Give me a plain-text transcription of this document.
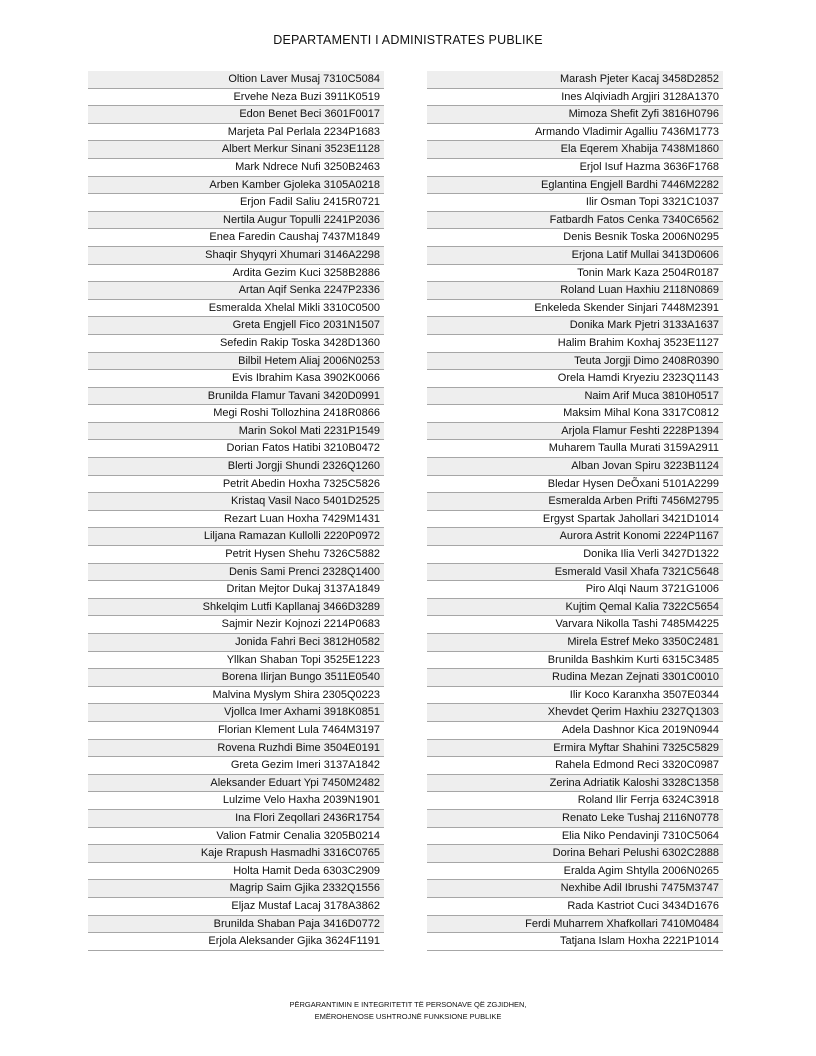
DEPARTAMENTI I ADMINISTRATES PUBLIKE
Oltion Laver Musaj 7310C5084
Ervehe Neza Buzi 3911K0519
Edon Benet Beci 3601F0017
Marjeta Pal Perlala 2234P1683
Albert Merkur Sinani 3523E1128
Mark Ndrece Nufi 3250B2463
Arben Kamber Gjoleka 3105A0218
Erjon Fadil Saliu 2415R0721
Nertila Augur Topulli 2241P2036
Enea Faredin Caushaj 7437M1849
Shaqir Shyqyri Xhumari 3146A2298
Ardita Gezim Kuci 3258B2886
Artan Aqif Senka 2247P2336
Esmeralda Xhelal Mikli 3310C0500
Greta Engjell Fico 2031N1507
Sefedin Rakip Toska 3428D1360
Bilbil Hetem Aliaj 2006N0253
Evis Ibrahim Kasa 3902K0066
Brunilda Flamur Tavani 3420D0991
Megi Roshi Tollozhina 2418R0866
Marin Sokol Mati 2231P1549
Dorian Fatos Hatibi 3210B0472
Blerti Jorgji Shundi 2326Q1260
Petrit Abedin Hoxha 7325C5826
Kristaq Vasil Naco 5401D2525
Rezart Luan Hoxha 7429M1431
Liljana Ramazan Kullolli 2220P0972
Petrit Hysen Shehu 7326C5882
Denis Sami Prenci 2328Q1400
Dritan Mejtor Dukaj 3137A1849
Shkelqim Lutfi Kapllanaj 3466D3289
Sajmir Nezir Kojnozi 2214P0683
Jonida Fahri Beci 3812H0582
Yllkan Shaban Topi 3525E1223
Borena Ilirjan Bungo 3511E0540
Malvina Myslym Shira 2305Q0223
Vjollca Imer Axhami 3918K0851
Florian Klement Lula 7464M3197
Rovena Ruzhdi Bime 3504E0191
Greta Gezim Imeri 3137A1842
Aleksander Eduart Ypi 7450M2482
Lulzime Velo Haxha 2039N1901
Ina Flori Zeqollari 2436R1754
Valion Fatmir Cenalia 3205B0214
Kaje Rrapush Hasmadhi 3316C0765
Holta Hamit Deda 6303C2909
Magrip Saim Gjika 2332Q1556
Eljaz Mustaf Lacaj 3178A3862
Brunilda Shaban Paja 3416D0772
Erjola Aleksander Gjika 3624F1191
Marash Pjeter Kacaj 3458D2852
Ines Alqiviadh Argjiri 3128A1370
Mimoza Shefit Zyfi 3816H0796
Armando Vladimir Agalliu 7436M1773
Ela Eqerem Xhabija 7438M1860
Erjol Isuf Hazma 3636F1768
Eglantina Engjell Bardhi 7446M2282
Ilir Osman Topi 3321C1037
Fatbardh Fatos Cenka 7340C6562
Denis Besnik Toska 2006N0295
Erjona Latif Mullai 3413D0606
Tonin Mark Kaza 2504R0187
Roland Luan Haxhiu 2118N0869
Enkeleda Skender Sinjari 7448M2391
Donika Mark Pjetri 3133A1637
Halim Brahim Koxhaj 3523E1127
Teuta Jorgji Dimo 2408R0390
Orela Hamdi Kryeziu 2323Q1143
Naim Arif Muca 3810H0517
Maksim Mihal Kona 3317C0812
Arjola Flamur Feshti 2228P1394
Muharem Taulla Murati 3159A2911
Alban Jovan Spiru 3223B1124
Bledar Hysen DeÕxani 5101A2299
Esmeralda Arben Prifti 7456M2795
Ergyst Spartak Jahollari 3421D1014
Aurora Astrit Konomi 2224P1167
Donika Ilia Verli 3427D1322
Esmerald Vasil Xhafa 7321C5648
Piro Alqi Naum 3721G1006
Kujtim Qemal Kalia 7322C5654
Varvara Nikolla Tashi 7485M4225
Mirela Estref Meko 3350C2481
Brunilda Bashkim Kurti 6315C3485
Rudina Mezan Zejnati 3301C0010
Ilir Koco Karanxha 3507E0344
Xhevdet Qerim Haxhiu 2327Q1303
Adela Dashnor Kica 2019N0944
Ermira Myftar Shahini 7325C5829
Rahela Edmond Reci 3320C0987
Zerina Adriatik Kaloshi 3328C1358
Roland Ilir Ferrja 6324C3918
Renato Leke Tushaj 2116N0778
Elia Niko Pendavinji 7310C5064
Dorina Behari Pelushi 6302C2888
Eralda Agim Shtylla 2006N0265
Nexhibe Adil Ibrushi 7475M3747
Rada Kastriot Cuci 3434D1676
Ferdi Muharrem Xhafkollari 7410M0484
Tatjana Islam Hoxha 2221P1014
PËRGARANTIMIN E INTEGRITETIT TË PERSONAVE QË ZGJIDHEN,
EMËROHENOSE USHTROJNË FUNKSIONE PUBLIKE
